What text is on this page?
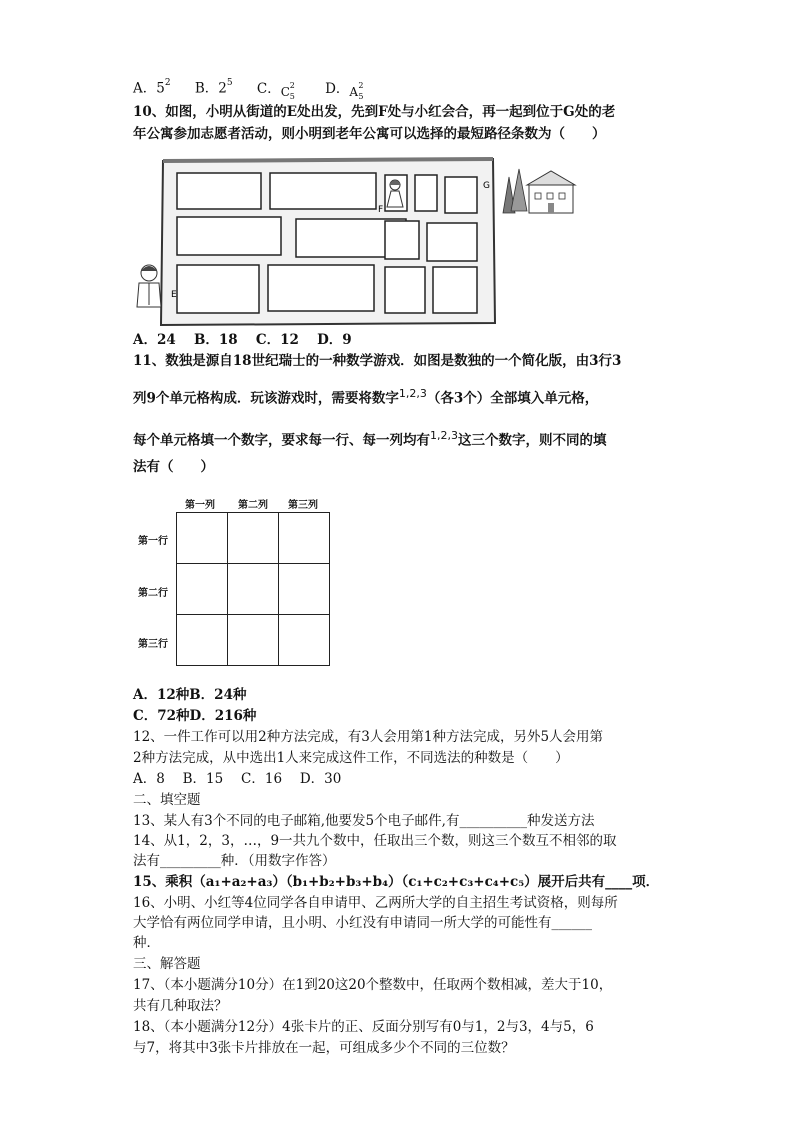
A．$5^2$ B．$2^5$ C． C 2
5 D． A 2
5
10、如图，小明从街道的E处出发，先到F处与小红会合，再一起到位于G处的老
年公寓参加志愿者活动，则小明到老年公寓可以选择的最短路径条数为（　　）
E
F
G
A．24　 B．18　 C．12　 D．9
11、数独是源自18世纪瑞士的一种数学游戏．如图是数独的一个简化版，由3行3
列9个单元格构成．玩该游戏时，需要将数字$^{1,2,3}$（各3个）全部填入单元格，
每个单元格填一个数字，要求每一行、每一列均有$^{1,2,3}$这三个数字，则不同的填
法有（　　）
第一列 第二列 第三列
第一行
第二行
第三行
A．12种B．24种
C．72种D．216种
12、一件工作可以用2种方法完成，有3人会用第1种方法完成，另外5人会用第
2种方法完成，从中选出1人来完成这件工作，不同选法的种数是（　　）
A．8　 B．15　 C．16　 D．30
二、填空题
13、某人有3个不同的电子邮箱,他要发5个电子邮件,有__________种发送方法
14、从1，2，3，…，9一共九个数中，任取出三个数，则这三个数互不相邻的取
法有_________种．（用数字作答）
15、乘积（a₁+a₂+a₃）（b₁+b₂+b₃+b₄）（c₁+c₂+c₃+c₄+c₅）展开后共有____项．
16、小明、小红等4位同学各自申请甲、乙两所大学的自主招生考试资格，则每所
大学恰有两位同学申请，且小明、小红没有申请同一所大学的可能性有______
种．
三、解答题
17、（本小题满分10分）在1到20这20个整数中，任取两个数相减，差大于10，
共有几种取法？
18、（本小题满分12分）4张卡片的正、反面分别写有0与1，2与3，4与5，6
与7，将其中3张卡片排放在一起，可组成多少个不同的三位数？
